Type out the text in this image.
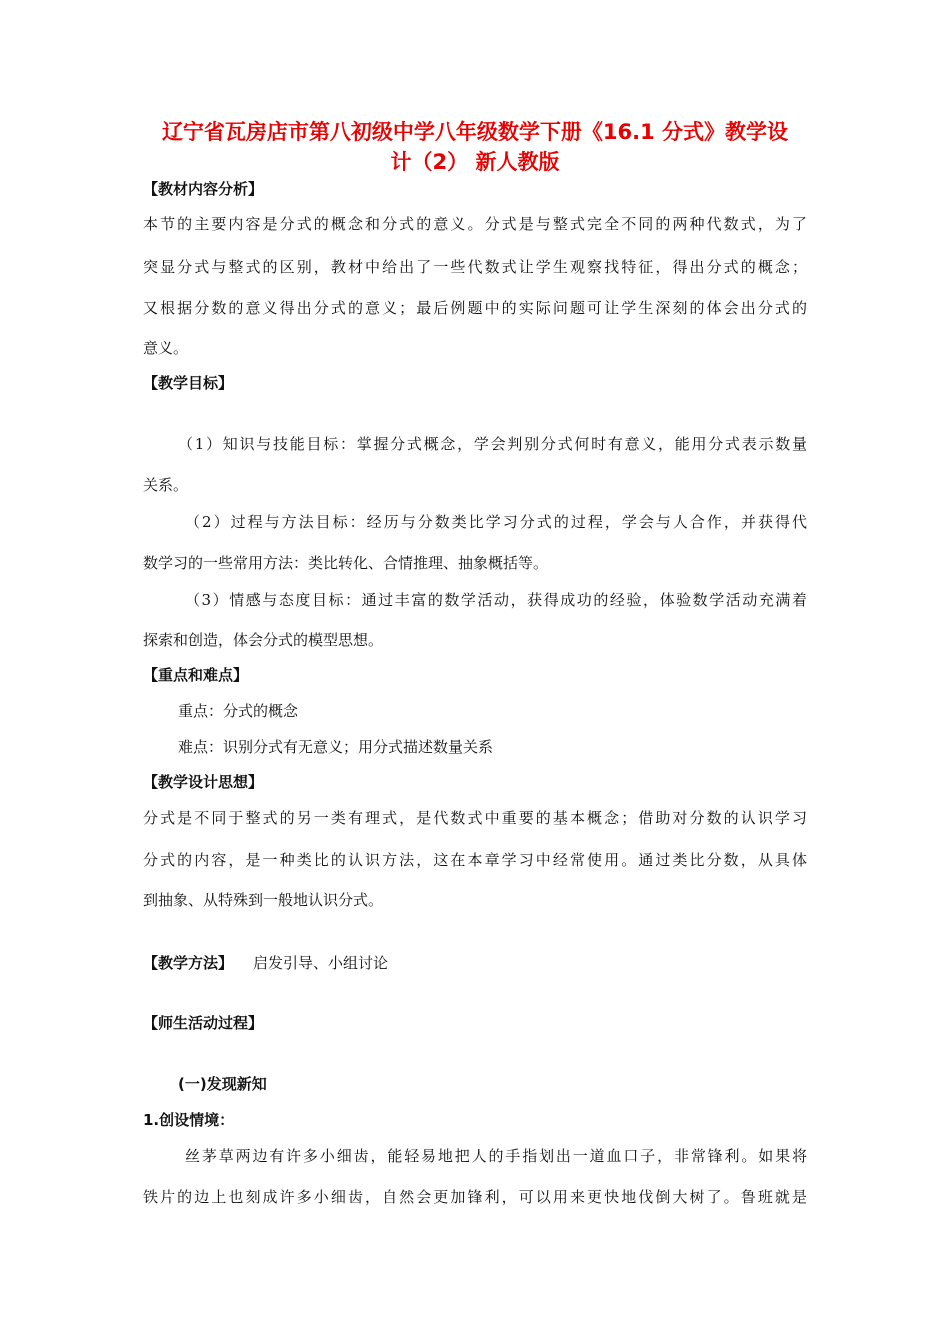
辽宁省瓦房店市第八初级中学八年级数学下册《16.1 分式》教学设
计（2） 新人教版
【教材内容分析】
本节的主要内容是分式的概念和分式的意义。分式是与整式完全不同的两种代数式，为了
突显分式与整式的区别，教材中给出了一些代数式让学生观察找特征，得出分式的概念；
又根据分数的意义得出分式的意义；最后例题中的实际问题可让学生深刻的体会出分式的
意义。
【教学目标】
（1）知识与技能目标：掌握分式概念，学会判别分式何时有意义，能用分式表示数量
关系。
（2）过程与方法目标：经历与分数类比学习分式的过程，学会与人合作，并获得代
数学习的一些常用方法：类比转化、合情推理、抽象概括等。
（3）情感与态度目标：通过丰富的数学活动，获得成功的经验，体验数学活动充满着
探索和创造，体会分式的模型思想。
【重点和难点】
重点：分式的概念
难点：识别分式有无意义；用分式描述数量关系
【教学设计思想】
分式是不同于整式的另一类有理式，是代数式中重要的基本概念；借助对分数的认识学习
分式的内容，是一种类比的认识方法，这在本章学习中经常使用。通过类比分数，从具体
到抽象、从特殊到一般地认识分式。
【教学方法】 启发引导、小组讨论
【师生活动过程】
(一)发现新知
1.创设情境：
丝茅草两边有许多小细齿，能轻易地把人的手指划出一道血口子，非常锋利。如果将
铁片的边上也刻成许多小细齿，自然会更加锋利，可以用来更快地伐倒大树了。鲁班就是
